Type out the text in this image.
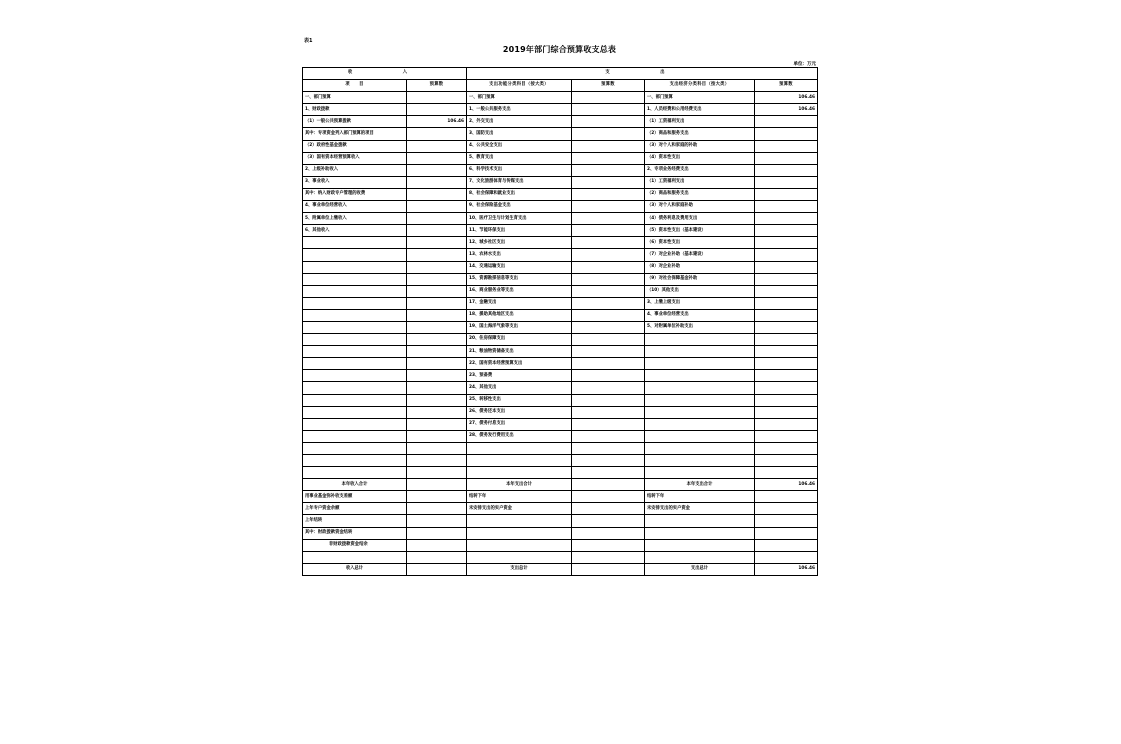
表1
2019年部门综合预算收支总表
单位：万元
收　　入		支　　出			
项　　目	预算数	支出功能分类科目（按大类）	预算数	支出经济分类科目（按大类）	预算数
一、部门预算		一、部门预算		一、部门预算	106.46
1、财政拨款		1、一般公共服务支出		1、人员经费和公用经费支出	106.46
（1）一般公共预算拨款	106.46	2、外交支出		（1）工资福利支出	
其中：专项资金列入部门预算的项目		3、国防支出		（2）商品和服务支出	
（2）政府性基金拨款		4、公共安全支出		（3）对个人和家庭的补助	
（3）国有资本经营预算收入		5、教育支出		（4）资本性支出	
2、上级补助收入		6、科学技术支出		2、专项业务经费支出	
3、事业收入		7、文化旅游体育与传媒支出		（1）工资福利支出	
其中：纳入财政专户管理的收费		8、社会保障和就业支出		（2）商品和服务支出	
4、事业单位经营收入		9、社会保险基金支出		（3）对个人和家庭补助	
5、附属单位上缴收入		10、医疗卫生与计划生育支出		（4）债务利息及费用支出	
6、其他收入		11、节能环保支出		（5）资本性支出（基本建设）	
		12、城乡社区支出		（6）资本性支出	
		13、农林水支出		（7）对企业补助（基本建设）	
		14、交通运输支出		（8）对企业补助	
		15、资源勘探信息等支出		（9）对社会保障基金补助	
		16、商业服务业等支出		（10）其他支出	
		17、金融支出		3、上缴上级支出	
		18、援助其他地区支出		4、事业单位经营支出	
		19、国土海洋气象等支出		5、对附属单位补助支出	
		20、住房保障支出			
		21、粮油物资储备支出			
		22、国有资本经营预算支出			
		23、预备费			
		24、其他支出			
		25、转移性支出			
		26、债务还本支出			
		27、债务付息支出			
		28、债务发行费用支出			

本年收入合计		本年支出合计		本年支出合计	106.46
用事业基金弥补收支差额		结转下年		结转下年	
上年专户资金余额		未安排支出的实户资金		未安排支出的实户资金	
上年结转					
其中：财政拨款资金结转					
非财政拨款资金结余					

收入总计		支出总计		支出总计	106.46
